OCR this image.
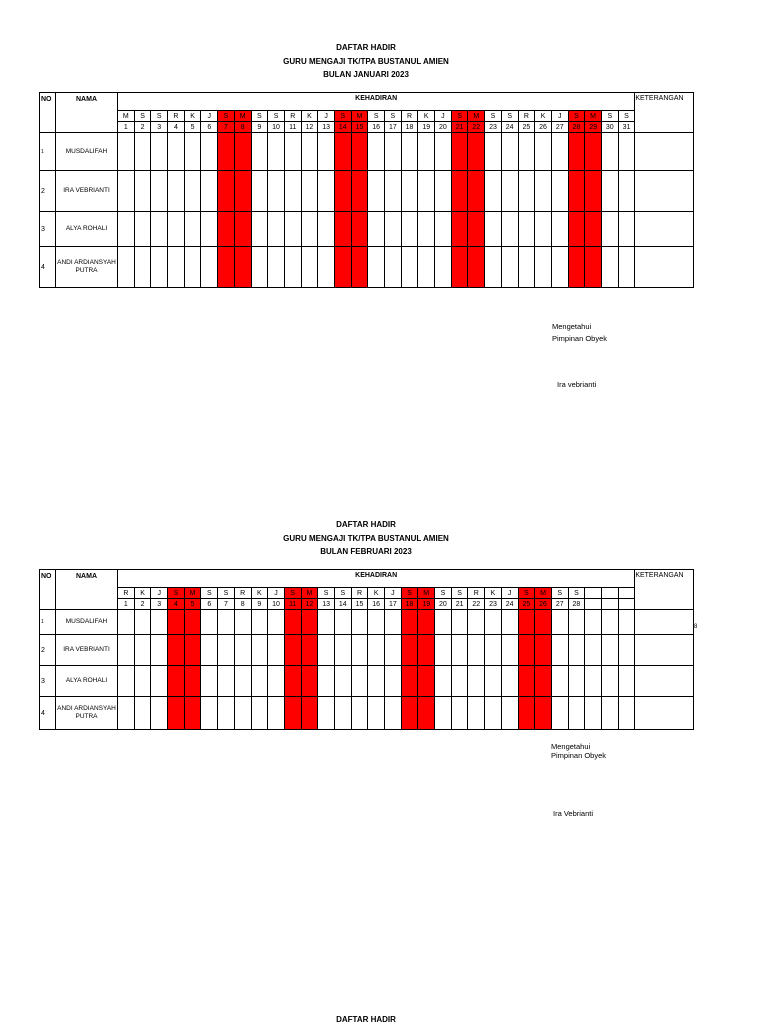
DAFTAR HADIR
GURU MENGAJI TK/TPA BUSTANUL AMIEN
BULAN JANUARI 2023
NO	NAMA	KEHADIRAN																															KETERANGAN
		M	S	S	R	K	J	S	M	S	S	R	K	J	S	M	S	S	R	K	J	S	M	S	S	R	K	J	S	M	S	S	
		1	2	3	4	5	6	7	8	9	10	11	12	13	14	15	16	17	18	19	20	21	22	23	24	25	26	27	28	29	30	31	
1	MUSDALIFAH																																
2	IRA VEBRIANTI																																
3	ALYA ROHALI																																
4	ANDI ARDIANSYAH PUTRA																																
Mengetahui
Pimpinan Obyek
Ira vebrianti
DAFTAR HADIR
GURU MENGAJI TK/TPA BUSTANUL AMIEN
BULAN FEBRUARI 2023
NO	NAMA	KEHADIRAN																															KETERANGAN
		R	K	J	S	M	S	S	R	K	J	S	M	S	S	R	K	J	S	M	S	S	R	K	J	S	M	S	S				
		1	2	3	4	5	6	7	8	9	10	11	12	13	14	15	16	17	18	19	20	21	22	23	24	25	26	27	28				
1	MUSDALIFAH																																
2	IRA VEBRIANTI																																
3	ALYA ROHALI																																
4	ANDI ARDIANSYAH PUTRA																																
8
Mengetahui
Pimpinan Obyek
Ira Vebrianti
DAFTAR HADIR
